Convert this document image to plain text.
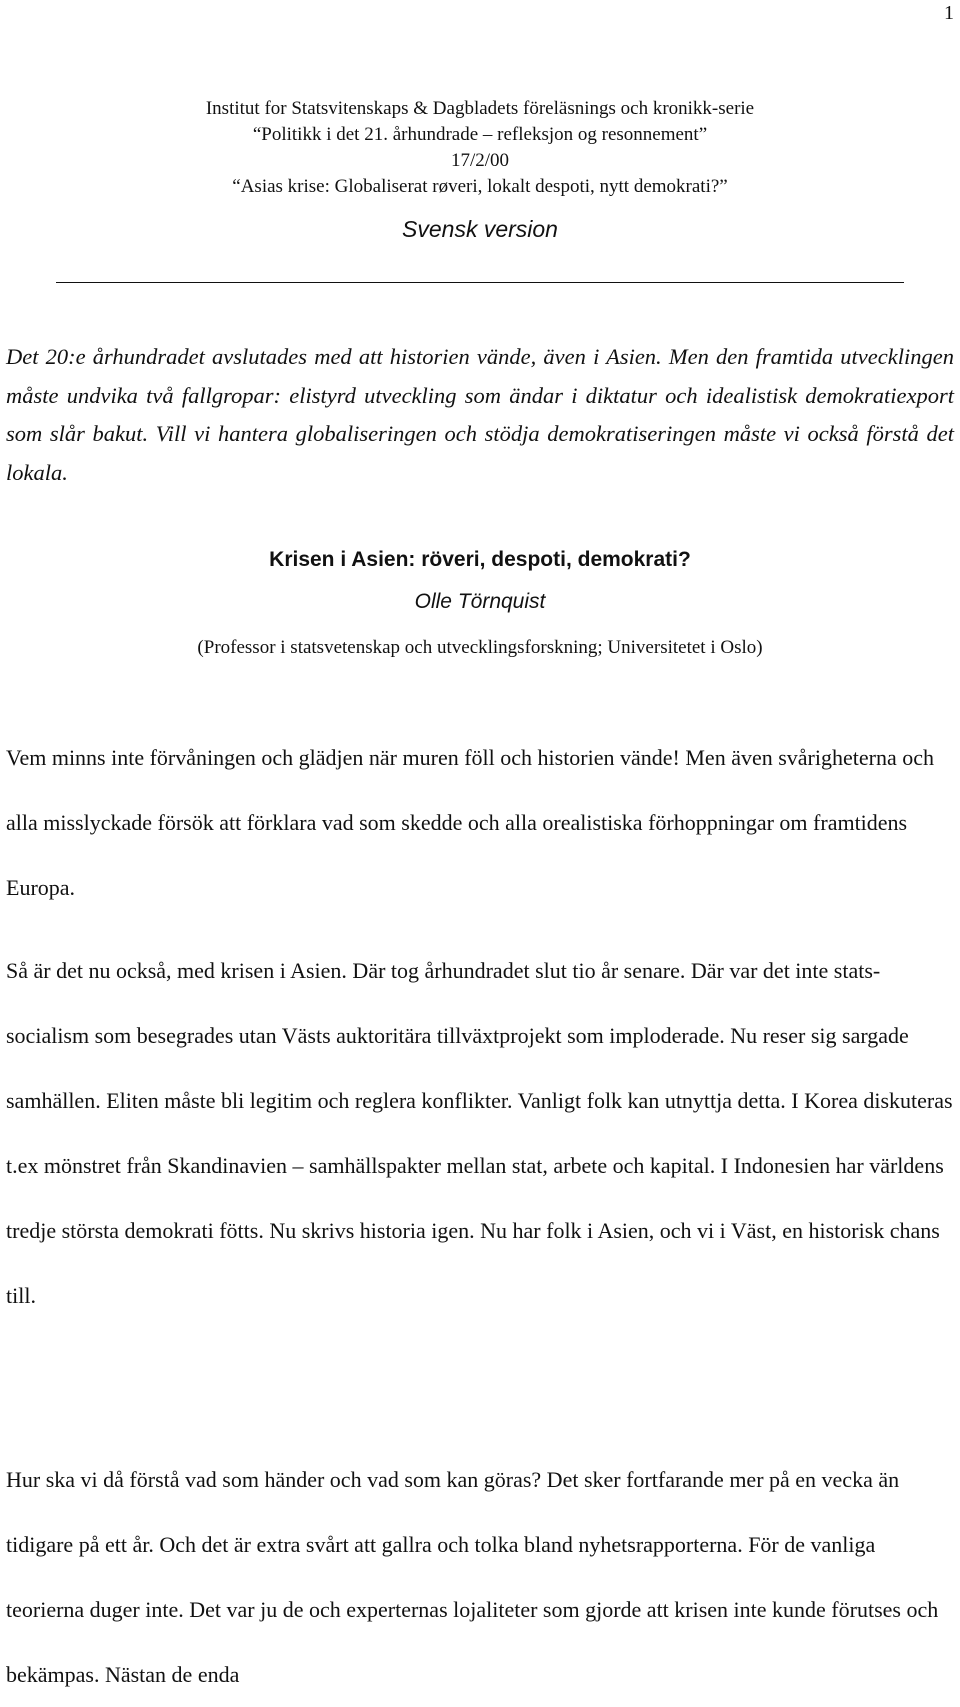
1
Institut for Statsvitenskaps & Dagbladets föreläsnings och kronikk-serie
“Politikk i det 21. århundrade – refleksjon og resonnement”
17/2/00
“Asias krise: Globaliserat røveri, lokalt despoti, nytt demokrati?”
Svensk version

Det 20:e århundradet avslutades med att historien vände, även i Asien. Men den framtida utvecklingen måste undvika två fallgropar: elistyrd utveckling som ändar i diktatur och idealistisk demokratiexport som slår bakut. Vill vi hantera globaliseringen och stödja demokratiseringen måste vi också förstå det lokala.

Krisen i Asien: röveri, despoti, demokrati?
Olle Törnquist
(Professor i statsvetenskap och utvecklingsforskning; Universitetet i Oslo)

Vem minns inte förvåningen och glädjen när muren föll och historien vände! Men även svårigheterna och alla misslyckade försök att förklara vad som skedde och alla orealistiska förhoppningar om framtidens Europa.

Så är det nu också, med krisen i Asien. Där tog århundradet slut tio år senare. Där var det inte stats-socialism som besegrades utan Västs auktoritära tillväxtprojekt som imploderade. Nu reser sig sargade samhällen. Eliten måste bli legitim och reglera konflikter. Vanligt folk kan utnyttja detta. I Korea diskuteras t.ex mönstret från Skandinavien – samhällspakter mellan stat, arbete och kapital. I Indonesien har världens tredje största demokrati fötts. Nu skrivs historia igen. Nu har folk i Asien, och vi i Väst, en historisk chans till.

Hur ska vi då förstå vad som händer och vad som kan göras? Det sker fortfarande mer på en vecka än tidigare på ett år. Och det är extra svårt att gallra och tolka bland nyhetsrapporterna. För de vanliga teorierna duger inte. Det var ju de och experternas lojaliteter som gjorde att krisen inte kunde förutses och bekämpas. Nästan de enda
